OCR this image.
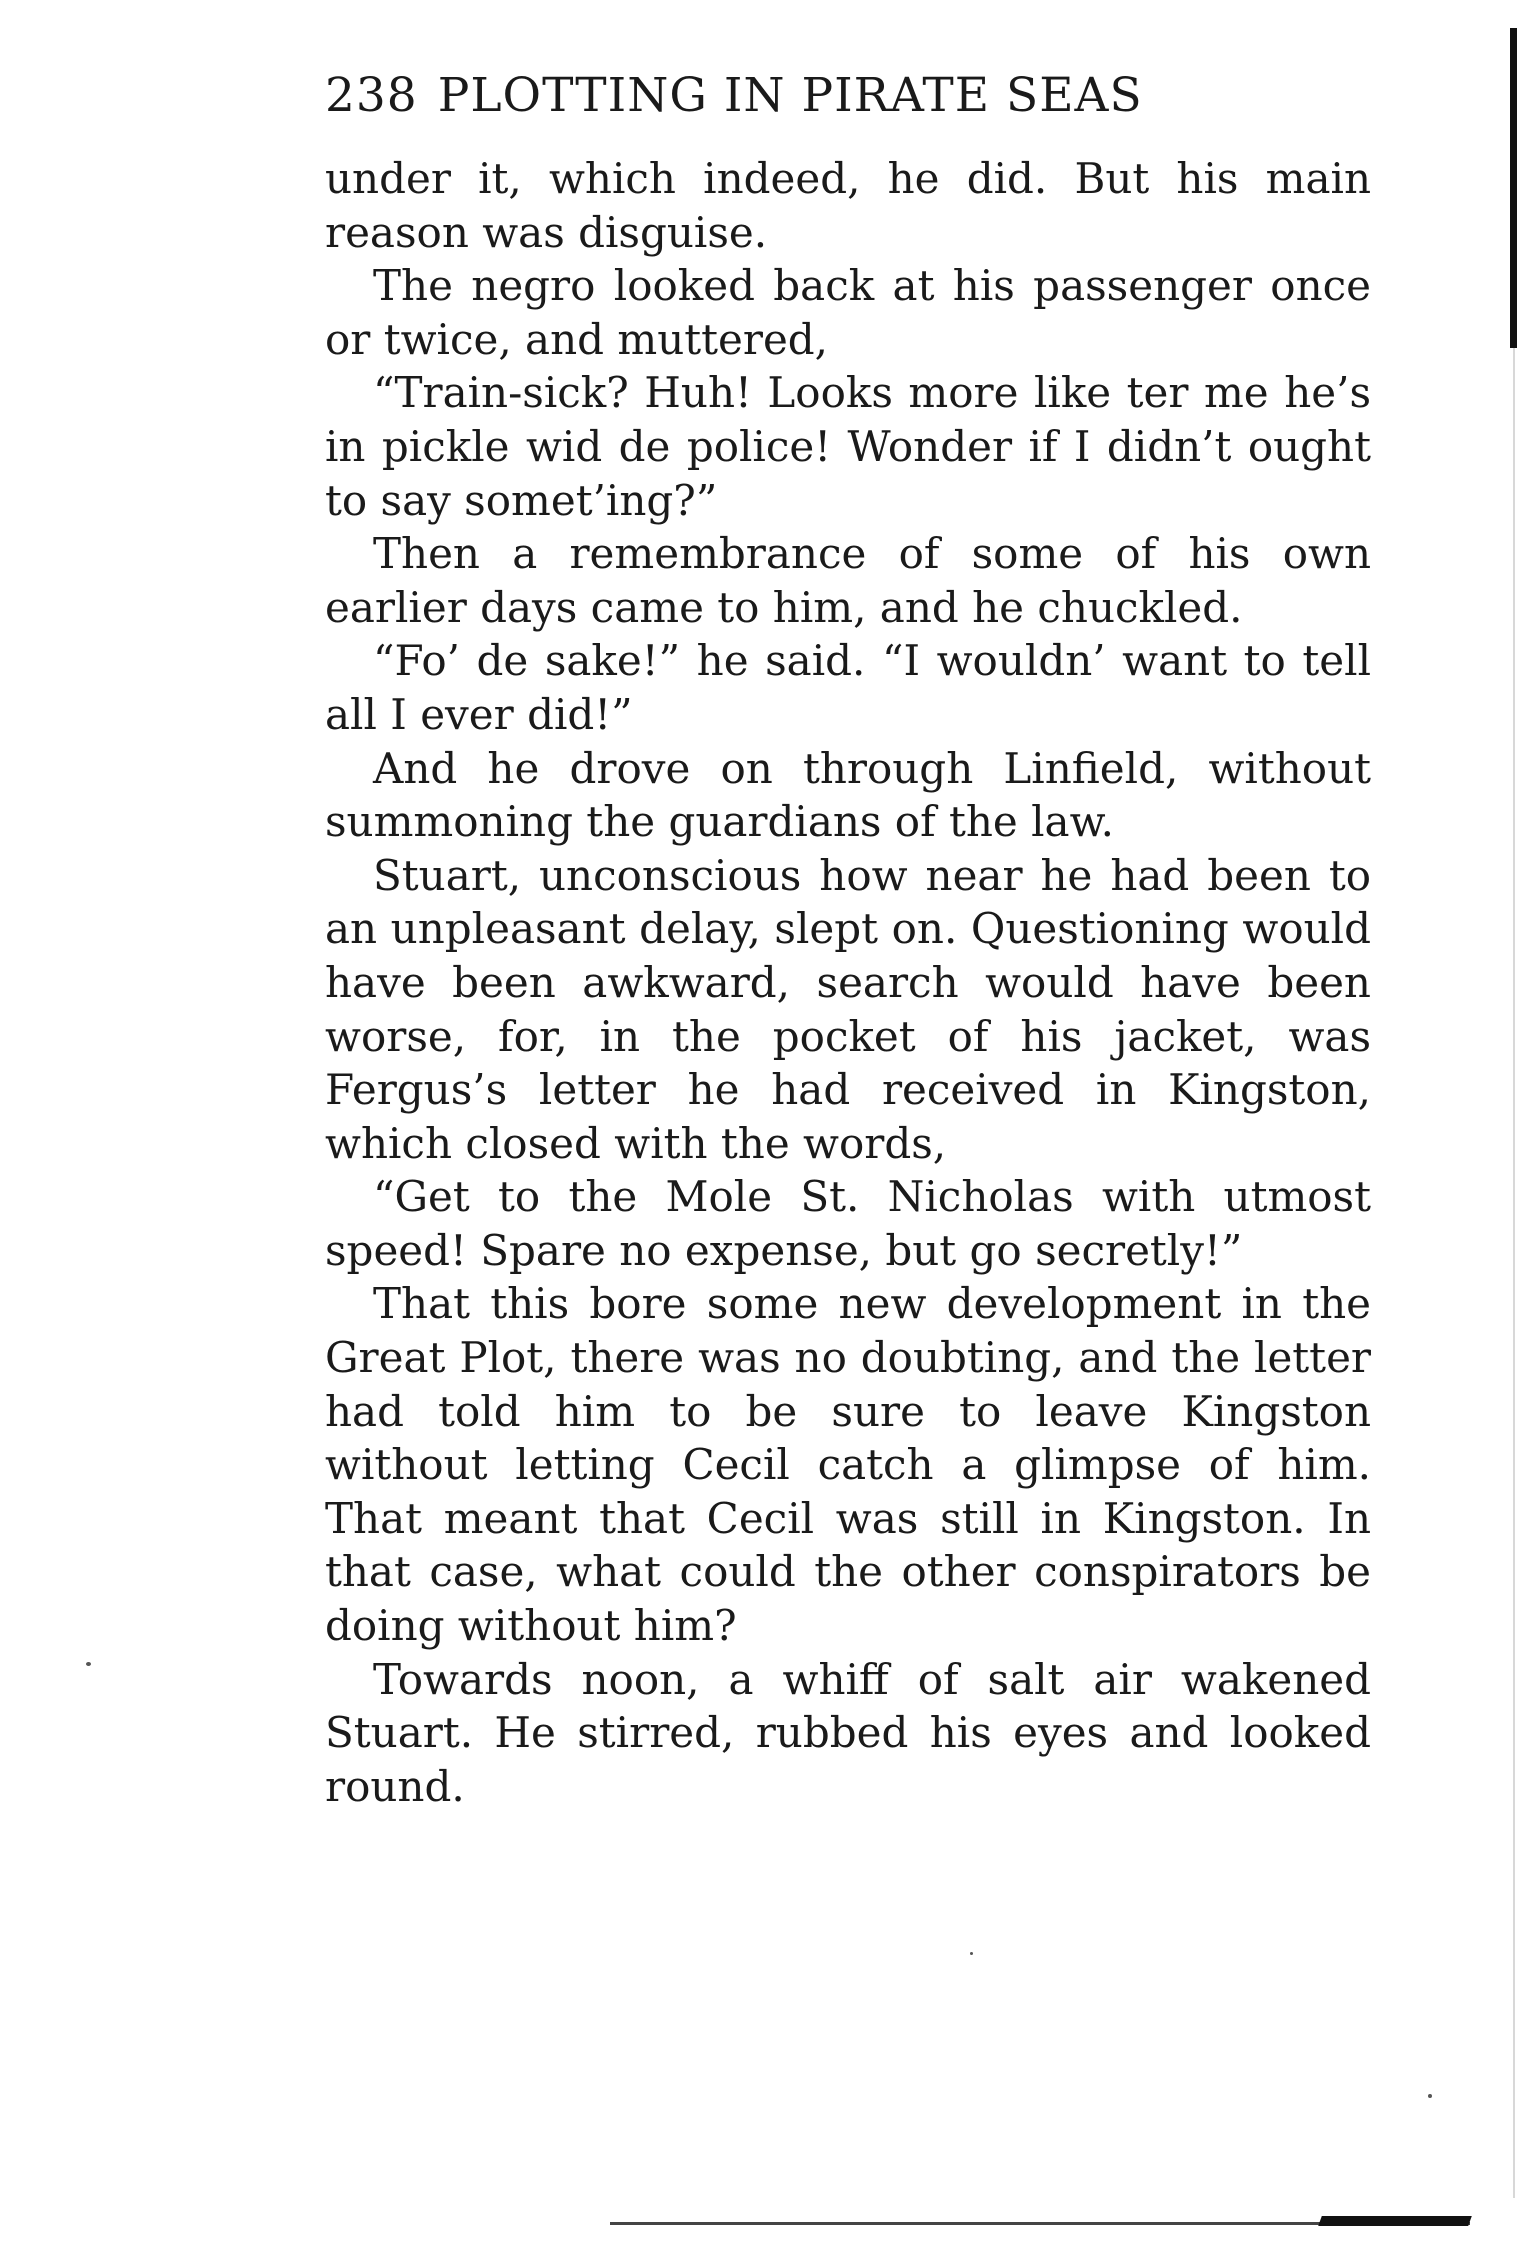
238 PLOTTING IN PIRATE SEAS

under it, which indeed, he did. But his main reason was disguise.

The negro looked back at his passenger once or twice, and muttered,

“Train-sick? Huh! Looks more like ter me he’s in pickle wid de police! Wonder if I didn’t ought to say somet’ing?”

Then a remembrance of some of his own earlier days came to him, and he chuckled.

“Fo’ de sake!” he said. “I wouldn’ want to tell all I ever did!”

And he drove on through Linfield, without summoning the guardians of the law.

Stuart, unconscious how near he had been to an unpleasant delay, slept on. Questioning would have been awkward, search would have been worse, for, in the pocket of his jacket, was Fergus’s letter he had received in Kingston, which closed with the words,

“Get to the Mole St. Nicholas with utmost speed! Spare no expense, but go secretly!”

That this bore some new development in the Great Plot, there was no doubting, and the letter had told him to be sure to leave Kingston without letting Cecil catch a glimpse of him. That meant that Cecil was still in Kingston. In that case, what could the other conspirators be doing without him?

Towards noon, a whiff of salt air wakened Stuart. He stirred, rubbed his eyes and looked round.
